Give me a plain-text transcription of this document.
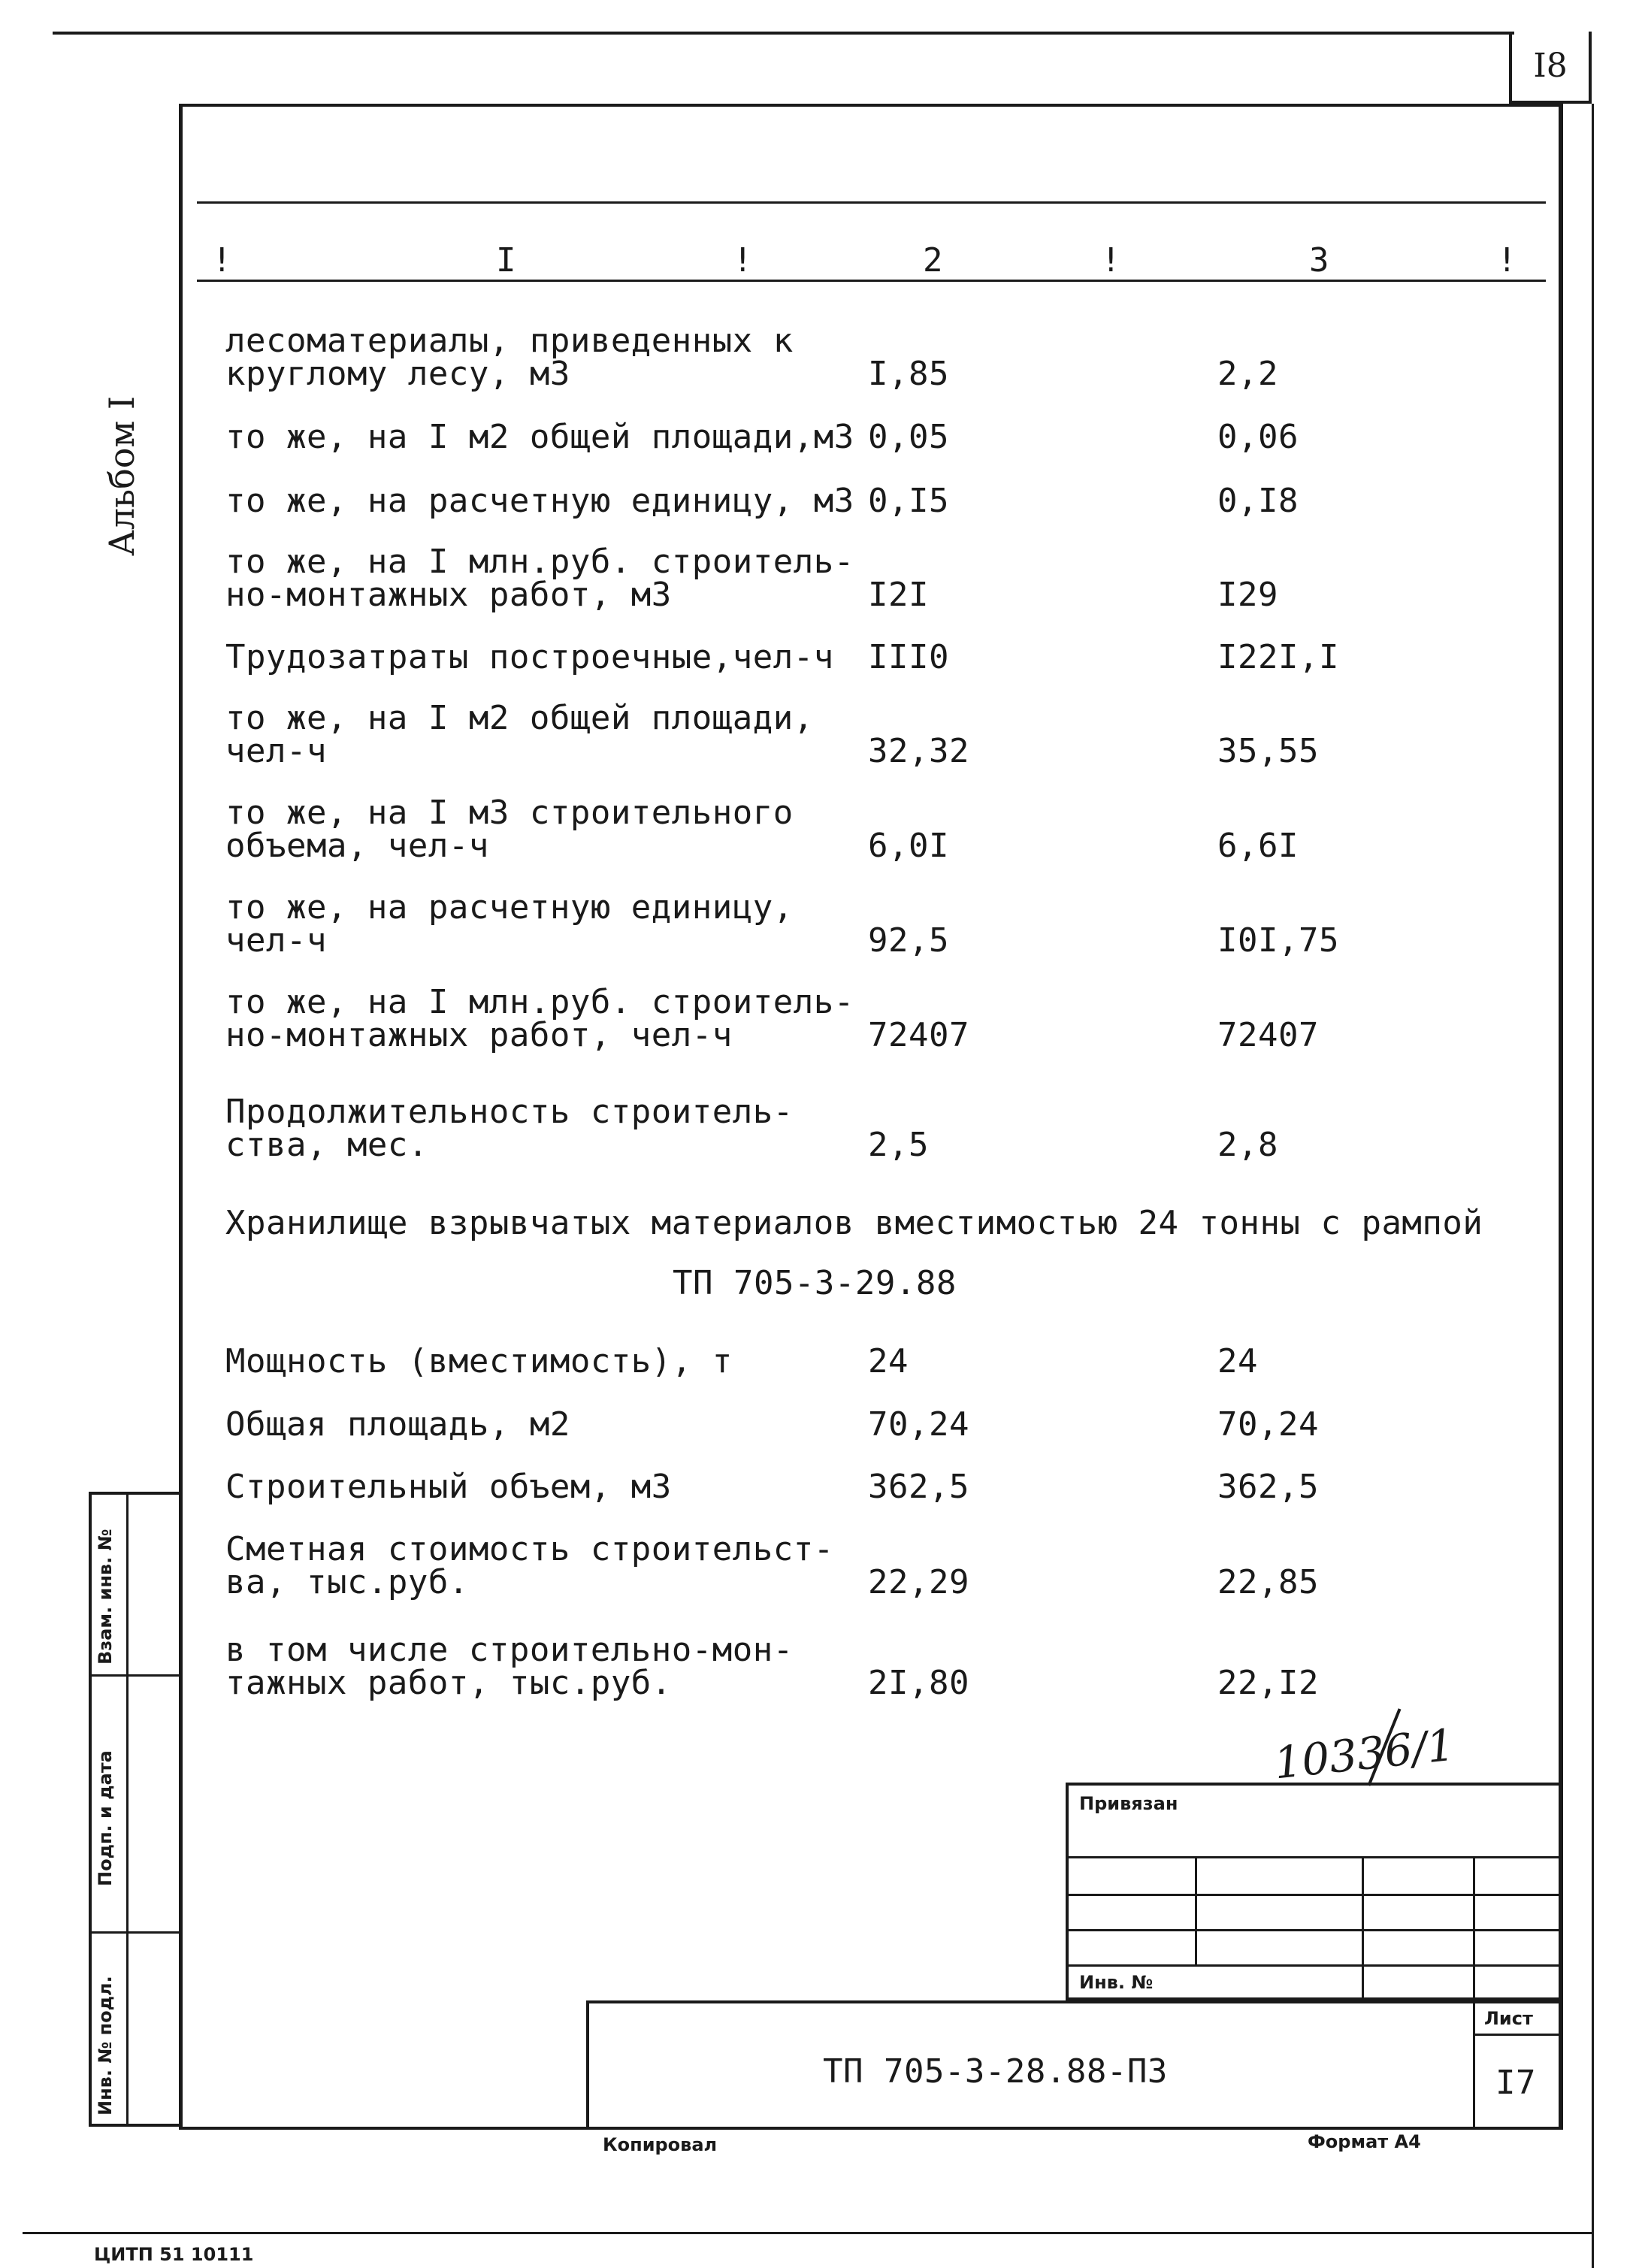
I8
Альбом I
!	I	!	2	!	3	!
лесоматериалы, приведенных к
круглому лесу, м3	I,85	2,2
то же, на I м2 общей площади,м3 0,05	0,06
то же, на расчетную единицу, м3 0,I5	0,I8
то же, на I млн.руб. строитель-
но-монтажных работ, м3	I2I	I29
Трудозатраты построечные,чел-ч III0	I22I,I
то же, на I м2 общей площади,
чел-ч	32,32	35,55
то же, на I м3 строительного
объема, чел-ч	6,0I	6,6I
то же, на расчетную единицу,
чел-ч	92,5	I0I,75
то же, на I млн.руб. строитель-
но-монтажных работ, чел-ч	72407	72407
Продолжительность строитель-
ства, мес.	2,5	2,8
Хранилище взрывчатых материалов вместимостью 24 тонны с рампой
ТП 705-3-29.88
Мощность (вместимость), т	24	24
Общая площадь, м2	70,24	70,24
Строительный объем, м3	362,5	362,5
Сметная стоимость строительст-
ва, тыс.руб.	22,29	22,85
в том числе строительно-мон-
тажных работ, тыс.руб.	2I,80	22,I2
10336/1
Привязан
Инв. №
Лист
I7
ТП 705-3-28.88-ПЗ
Взам. инв. №
Подп. и дата
Инв. № подл.
Копировал	Формат А4
ЦИТП 51 10111
